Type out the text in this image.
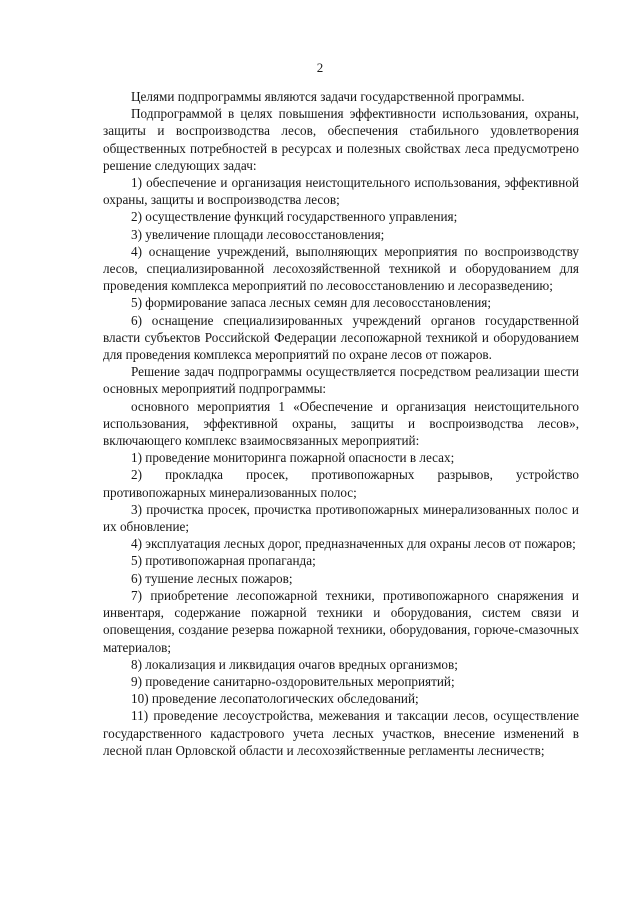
2

Целями подпрограммы являются задачи государственной программы.

Подпрограммой в целях повышения эффективности использования, охраны, защиты и воспроизводства лесов, обеспечения стабильного удовлетворения общественных потребностей в ресурсах и полезных свойствах леса предусмотрено решение следующих задач:

1) обеспечение и организация неистощительного использования, эффективной охраны, защиты и воспроизводства лесов;

2) осуществление функций государственного управления;

3) увеличение площади лесовосстановления;

4) оснащение учреждений, выполняющих мероприятия по воспроизводству лесов, специализированной лесохозяйственной техникой и оборудованием для проведения комплекса мероприятий по лесовосстановлению и лесоразведению;

5) формирование запаса лесных семян для лесовосстановления;

6) оснащение специализированных учреждений органов государственной власти субъектов Российской Федерации лесопожарной техникой и оборудованием для проведения комплекса мероприятий по охране лесов от пожаров.

Решение задач подпрограммы осуществляется посредством реализации шести основных мероприятий подпрограммы:

основного мероприятия 1 «Обеспечение и организация неистощительного использования, эффективной охраны, защиты и воспроизводства лесов», включающего комплекс взаимосвязанных мероприятий:

1) проведение мониторинга пожарной опасности в лесах;

2) прокладка просек, противопожарных разрывов, устройство противопожарных минерализованных полос;

3) прочистка просек, прочистка противопожарных минерализованных полос и их обновление;

4) эксплуатация лесных дорог, предназначенных для охраны лесов от пожаров;

5) противопожарная пропаганда;

6) тушение лесных пожаров;

7) приобретение лесопожарной техники, противопожарного снаряжения и инвентаря, содержание пожарной техники и оборудования, систем связи и оповещения, создание резерва пожарной техники, оборудования, горюче-смазочных материалов;

8) локализация и ликвидация очагов вредных организмов;

9) проведение санитарно-оздоровительных мероприятий;

10) проведение лесопатологических обследований;

11) проведение лесоустройства, межевания и таксации лесов, осуществление государственного кадастрового учета лесных участков, внесение изменений в лесной план Орловской области и лесохозяйственные регламенты лесничеств;
